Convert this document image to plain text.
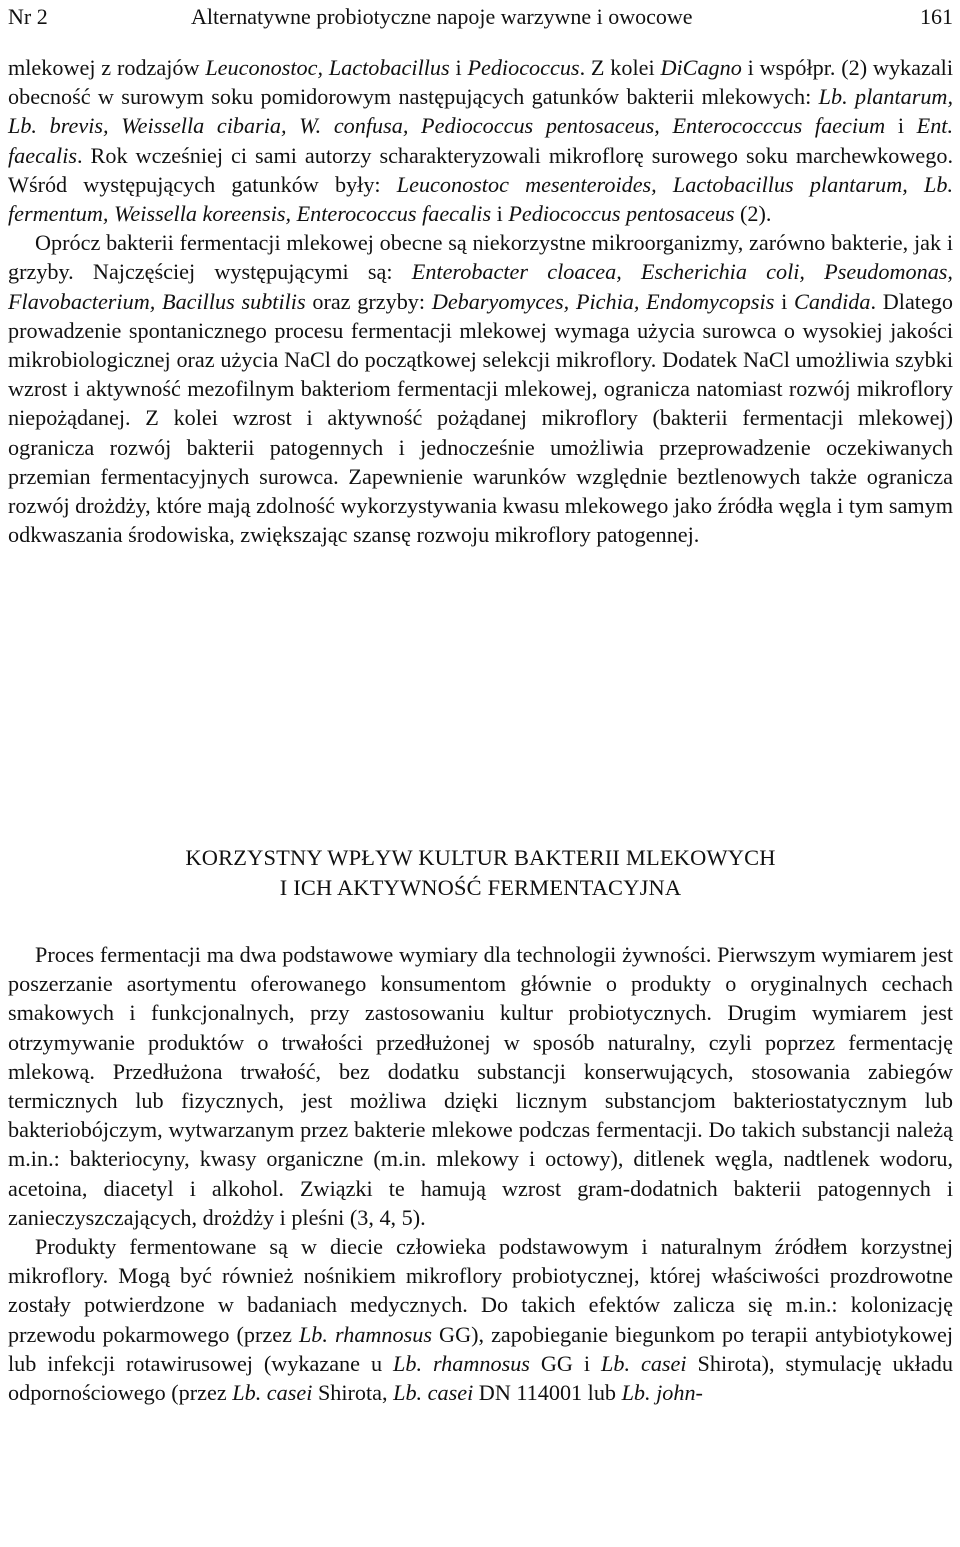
Nr 2	Alternatywne probiotyczne napoje warzywne i owocowe	161

mlekowej z rodzajów Leuconostoc, Lactobacillus i Pediococcus. Z kolei DiCagno i współpr. (2) wykazali obecność w surowym soku pomidorowym następujących gatunków bakterii mlekowych: Lb. plantarum, Lb. brevis, Weissella cibaria, W. confusa, Pediococcus pentosaceus, Enterococccus faecium i Ent. faecalis. Rok wcześniej ci sami autorzy scharakteryzowali mikroflorę surowego soku marchewkowego. Wśród występujących gatunków były: Leuconostoc mesenteroides, Lactobacillus plantarum, Lb. fermentum, Weissella koreensis, Enterococcus faecalis i Pediococcus pentosaceus (2).

Oprócz bakterii fermentacji mlekowej obecne są niekorzystne mikroorganizmy, zarówno bakterie, jak i grzyby. Najczęściej występującymi są: Enterobacter cloacea, Escherichia coli, Pseudomonas, Flavobacterium, Bacillus subtilis oraz grzyby: Debaryomyces, Pichia, Endomycopsis i Candida. Dlatego prowadzenie spontanicznego procesu fermentacji mlekowej wymaga użycia surowca o wysokiej jakości mikrobiologicznej oraz użycia NaCl do początkowej selekcji mikroflory. Dodatek NaCl umożliwia szybki wzrost i aktywność mezofilnym bakteriom fermentacji mlekowej, ogranicza natomiast rozwój mikroflory niepożądanej. Z kolei wzrost i aktywność pożądanej mikroflory (bakterii fermentacji mlekowej) ogranicza rozwój bakterii patogennych i jednocześnie umożliwia przeprowadzenie oczekiwanych przemian fermentacyjnych surowca. Zapewnienie warunków względnie beztlenowych także ogranicza rozwój drożdży, które mają zdolność wykorzystywania kwasu mlekowego jako źródła węgla i tym samym odkwaszania środowiska, zwiększając szansę rozwoju mikroflory patogennej.

KORZYSTNY WPŁYW KULTUR BAKTERII MLEKOWYCH
I ICH AKTYWNOŚĆ FERMENTACYJNA

Proces fermentacji ma dwa podstawowe wymiary dla technologii żywności. Pierwszym wymiarem jest poszerzanie asortymentu oferowanego konsumentom głównie o produkty o oryginalnych cechach smakowych i funkcjonalnych, przy zastosowaniu kultur probiotycznych. Drugim wymiarem jest otrzymywanie produktów o trwałości przedłużonej w sposób naturalny, czyli poprzez fermentację mlekową. Przedłużona trwałość, bez dodatku substancji konserwujących, stosowania zabiegów termicznych lub fizycznych, jest możliwa dzięki licznym substancjom bakteriostatycznym lub bakteriobójczym, wytwarzanym przez bakterie mlekowe podczas fermentacji. Do takich substancji należą m.in.: bakteriocyny, kwasy organiczne (m.in. mlekowy i octowy), ditlenek węgla, nadtlenek wodoru, acetoina, diacetyl i alkohol. Związki te hamują wzrost gram-dodatnich bakterii patogennych i zanieczyszczających, drożdży i pleśni (3, 4, 5).

Produkty fermentowane są w diecie człowieka podstawowym i naturalnym źródłem korzystnej mikroflory. Mogą być również nośnikiem mikroflory probiotycznej, której właściwości prozdrowotne zostały potwierdzone w badaniach medycznych. Do takich efektów zalicza się m.in.: kolonizację przewodu pokarmowego (przez Lb. rhamnosus GG), zapobieganie biegunkom po terapii antybiotykowej lub infekcji rotawirusowej (wykazane u Lb. rhamnosus GG i Lb. casei Shirota), stymulację układu odpornościowego (przez Lb. casei Shirota, Lb. casei DN 114001 lub Lb. john-
